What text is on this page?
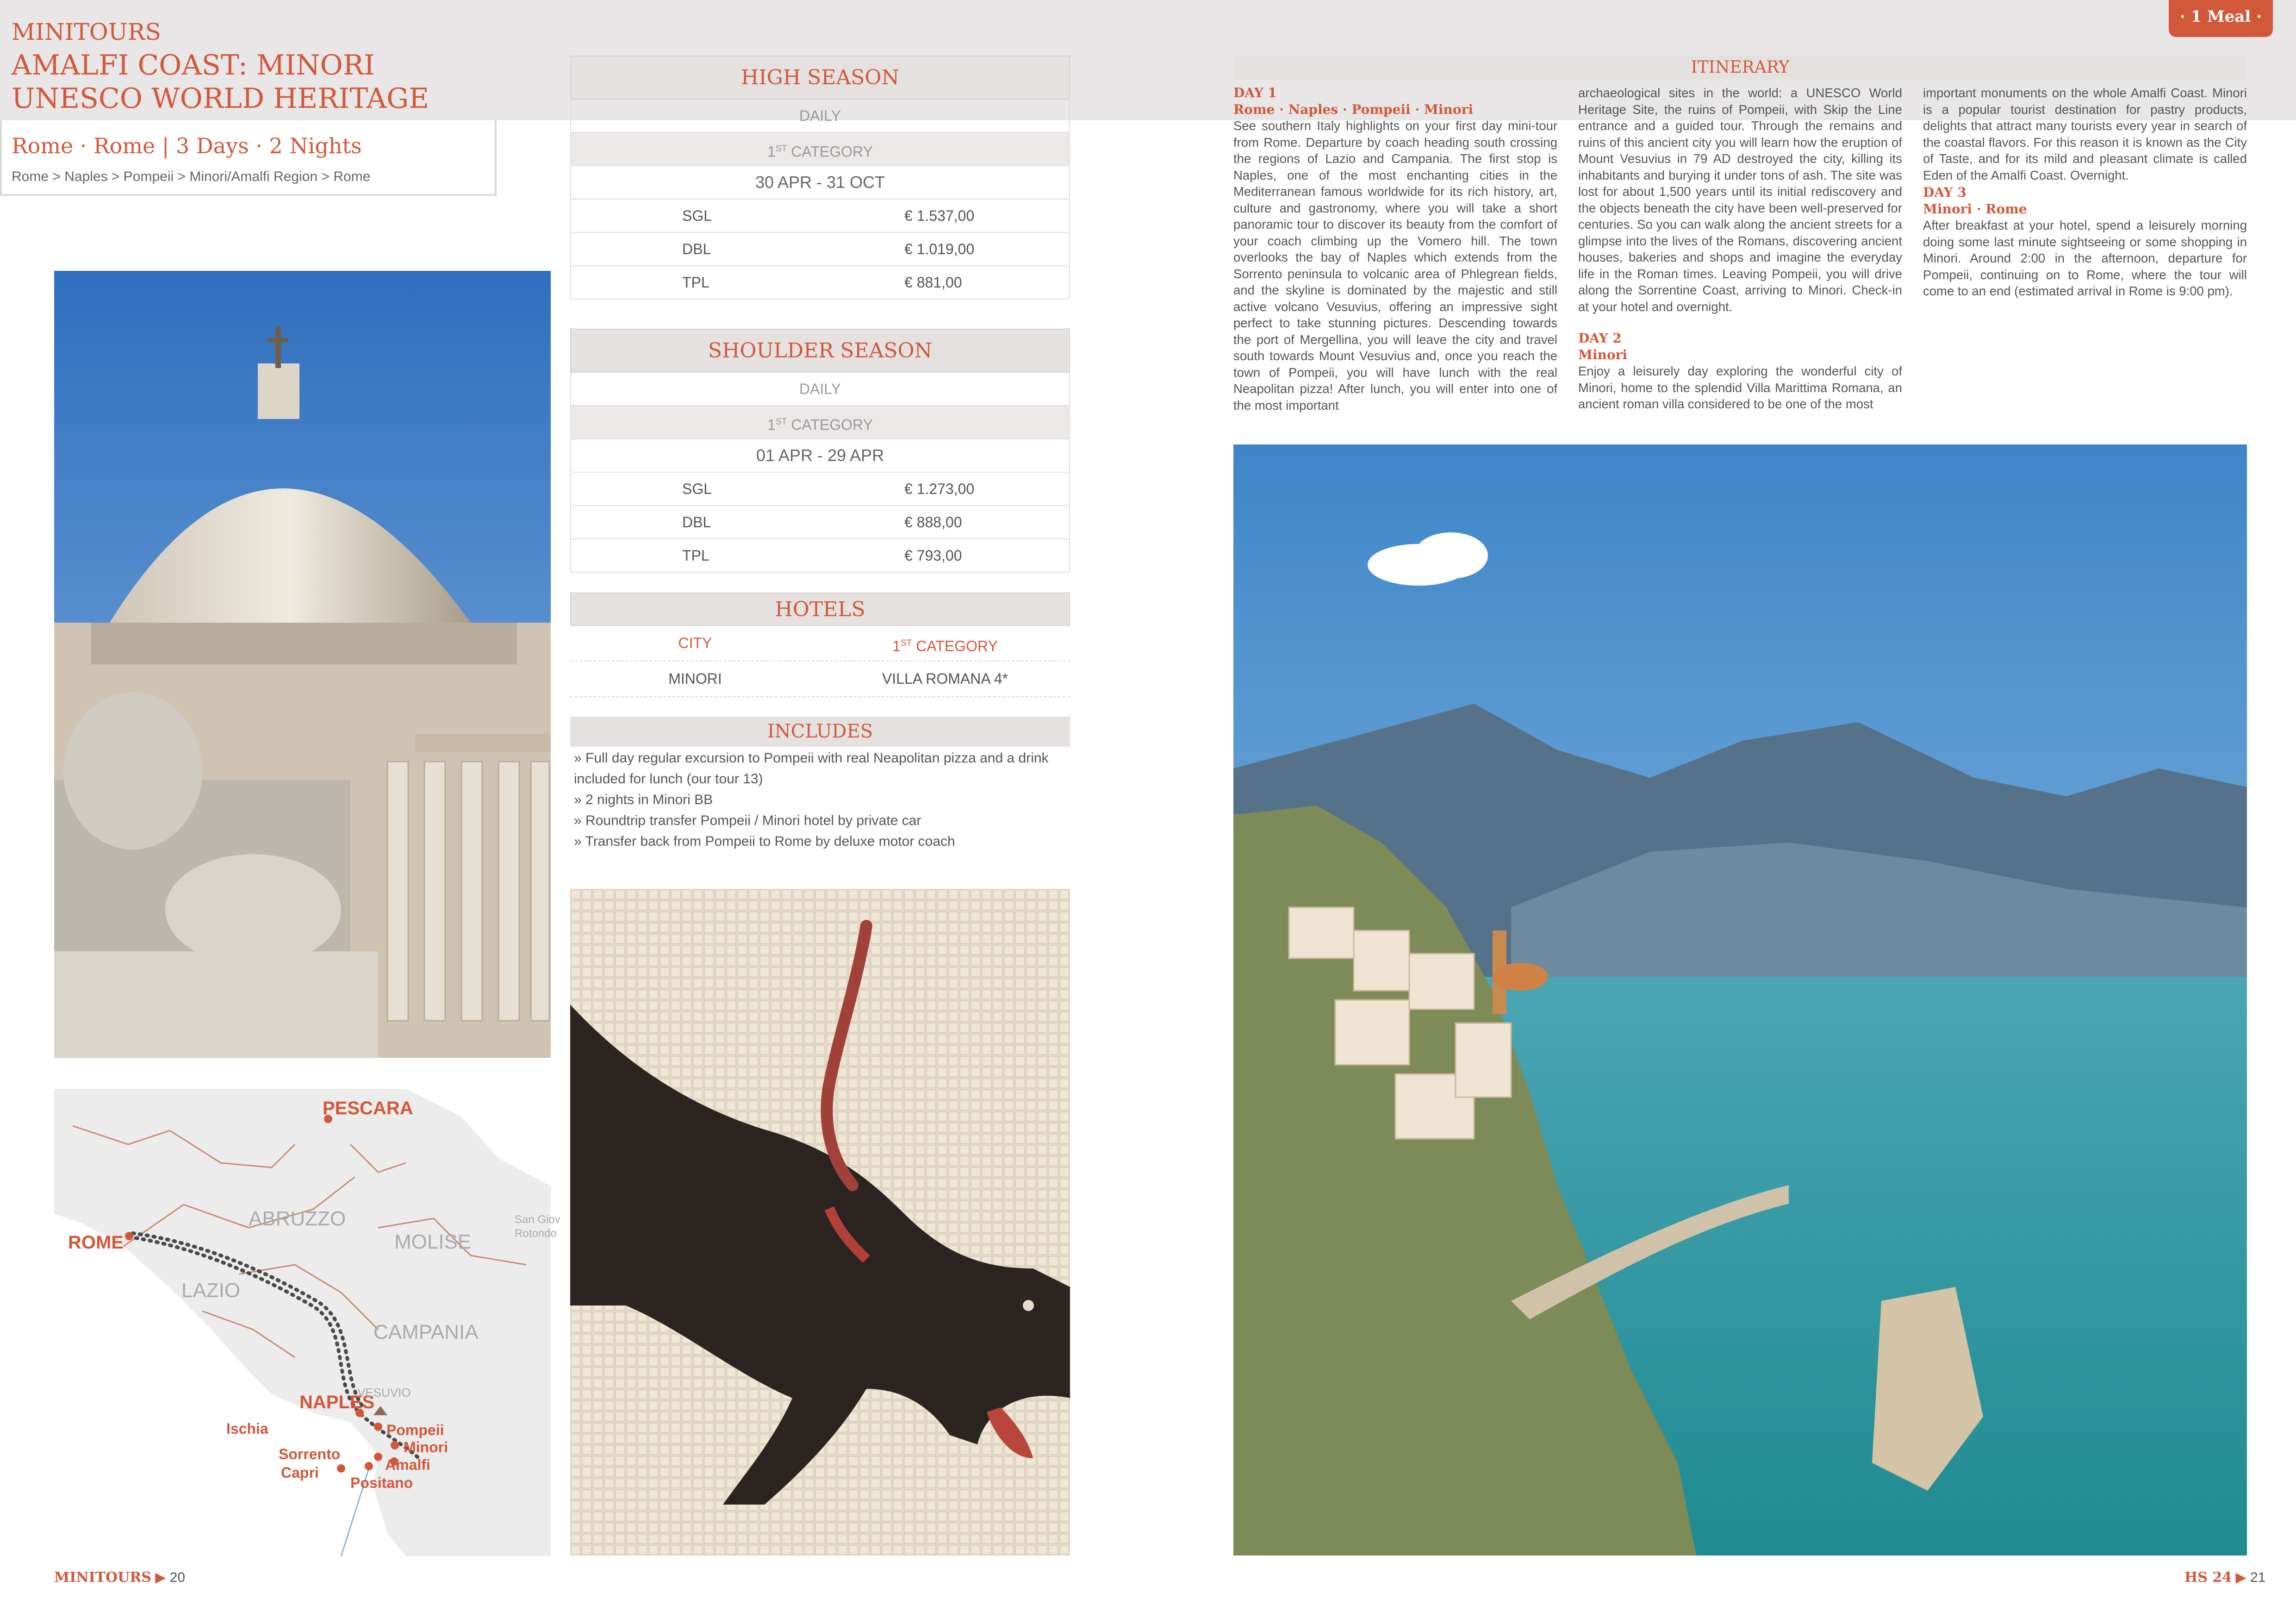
· 1 Meal ·
MINITOURS
AMALFI COAST: MINORI UNESCO WORLD HERITAGE
Rome · Rome | 3 Days · 2 Nights
Rome > Naples > Pompeii > Minori/Amalfi Region > Rome
PESCARA
ROME
NAPLES
Pompeii
Minori
Amalfi
Positano
Sorrento
Capri
Ischia
VESUVIO
San Giov
Rotondo
ABRUZZO
MOLISE
LAZIO
CAMPANIA
HIGH SEASON
DAILY
1ST CATEGORY
30 APR - 31 OCT
SGL	€ 1.537,00
DBL	€ 1.019,00
TPL	€ 881,00
SHOULDER SEASON
DAILY
1ST CATEGORY
01 APR - 29 APR
SGL	€ 1.273,00
DBL	€ 888,00
TPL	€ 793,00
HOTELS
CITY	1ST CATEGORY
MINORI	VILLA ROMANA 4*
INCLUDES
» Full day regular excursion to Pompeii with real Neapolitan pizza and a drink included for lunch (our tour 13)
» 2 nights in Minori BB
» Roundtrip transfer Pompeii / Minori hotel by private car
» Transfer back from Pompeii to Rome by deluxe motor coach
ITINERARY
DAY 1
Rome · Naples · Pompeii · Minori

See southern Italy highlights on your first day mini-tour from Rome. Departure by coach heading south crossing the regions of Lazio and Campania. The first stop is Naples, one of the most enchanting cities in the Mediterranean famous worldwide for its rich history, art, culture and gastronomy, where you will take a short panoramic tour to discover its beauty from the comfort of your coach climbing up the Vomero hill. The town overlooks the bay of Naples which extends from the Sorrento peninsula to volcanic area of Phlegrean fields, and the skyline is dominated by the majestic and still active volcano Vesuvius, offering an impressive sight perfect to take stunning pictures. Descending towards the port of Mergellina, you will leave the city and travel south towards Mount Vesuvius and, once you reach the town of Pompeii, you will have lunch with the real Neapolitan pizza! After lunch, you will enter into one of the most important

archaeological sites in the world: a UNESCO World Heritage Site, the ruins of Pompeii, with Skip the Line entrance and a guided tour. Through the remains and ruins of this ancient city you will learn how the eruption of Mount Vesuvius in 79 AD destroyed the city, killing its inhabitants and burying it under tons of ash. The site was lost for about 1,500 years until its initial rediscovery and the objects beneath the city have been well-preserved for centuries. So you can walk along the ancient streets for a glimpse into the lives of the Romans, discovering ancient houses, bakeries and shops and imagine the everyday life in the Roman times. Leaving Pompeii, you will drive along the Sorrentine Coast, arriving to Minori. Check-in at your hotel and overnight.

DAY 2
Minori

Enjoy a leisurely day exploring the wonderful city of Minori, home to the splendid Villa Marittima Romana, an ancient roman villa considered to be one of the most

important monuments on the whole Amalfi Coast. Minori is a popular tourist destination for pastry products, delights that attract many tourists every year in search of the coastal flavors. For this reason it is known as the City of Taste, and for its mild and pleasant climate is called Eden of the Amalfi Coast. Overnight.

DAY 3
Minori · Rome

After breakfast at your hotel, spend a leisurely morning doing some last minute sightseeing or some shopping in Minori. Around 2:00 in the afternoon, departure for Pompeii, continuing on to Rome, where the tour will come to an end (estimated arrival in Rome is 9:00 pm).

MINITOURS ▶ 20	HS 24 ▶ 21
